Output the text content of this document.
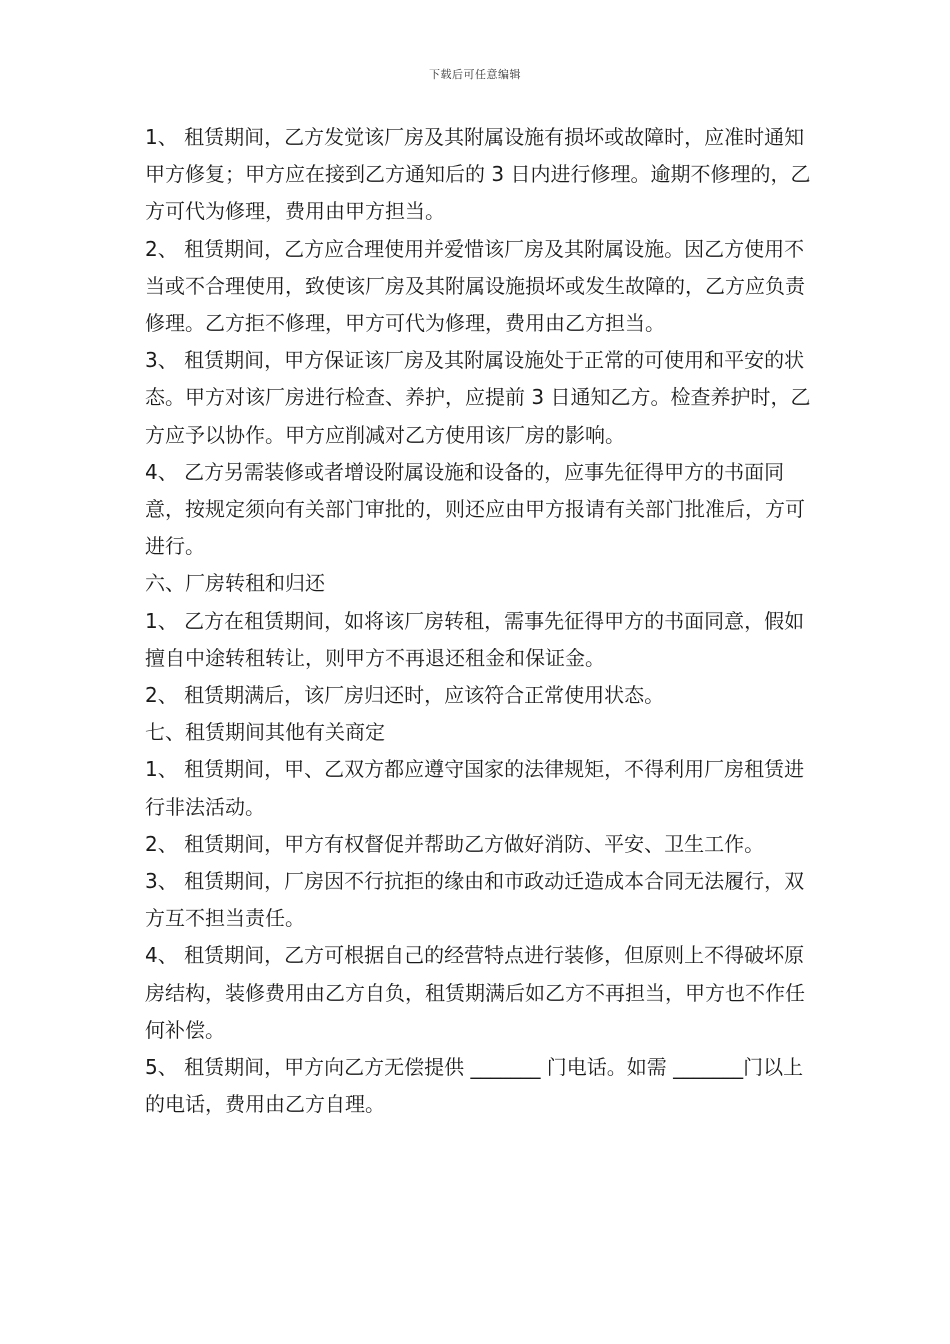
下载后可任意编辑

1、 租赁期间，乙方发觉该厂房及其附属设施有损坏或故障时，应准时通知甲方修复；甲方应在接到乙方通知后的 3 日内进行修理。逾期不修理的，乙方可代为修理，费用由甲方担当。

2、 租赁期间，乙方应合理使用并爱惜该厂房及其附属设施。因乙方使用不当或不合理使用，致使该厂房及其附属设施损坏或发生故障的，乙方应负责修理。乙方拒不修理，甲方可代为修理，费用由乙方担当。

3、 租赁期间，甲方保证该厂房及其附属设施处于正常的可使用和平安的状态。甲方对该厂房进行检查、养护，应提前 3 日通知乙方。检查养护时，乙方应予以协作。甲方应削减对乙方使用该厂房的影响。

4、 乙方另需装修或者增设附属设施和设备的，应事先征得甲方的书面同意，按规定须向有关部门审批的，则还应由甲方报请有关部门批准后，方可进行。

六、厂房转租和归还

1、 乙方在租赁期间，如将该厂房转租，需事先征得甲方的书面同意，假如擅自中途转租转让，则甲方不再退还租金和保证金。

2、 租赁期满后，该厂房归还时，应该符合正常使用状态。

七、租赁期间其他有关商定

1、 租赁期间，甲、乙双方都应遵守国家的法律规矩，不得利用厂房租赁进行非法活动。

2、 租赁期间，甲方有权督促并帮助乙方做好消防、平安、卫生工作。

3、 租赁期间，厂房因不行抗拒的缘由和市政动迁造成本合同无法履行，双方互不担当责任。

4、 租赁期间，乙方可根据自己的经营特点进行装修，但原则上不得破坏原房结构，装修费用由乙方自负，租赁期满后如乙方不再担当，甲方也不作任何补偿。

5、 租赁期间，甲方向乙方无偿提供 _______ 门电话。如需 _______门以上的电话，费用由乙方自理。
